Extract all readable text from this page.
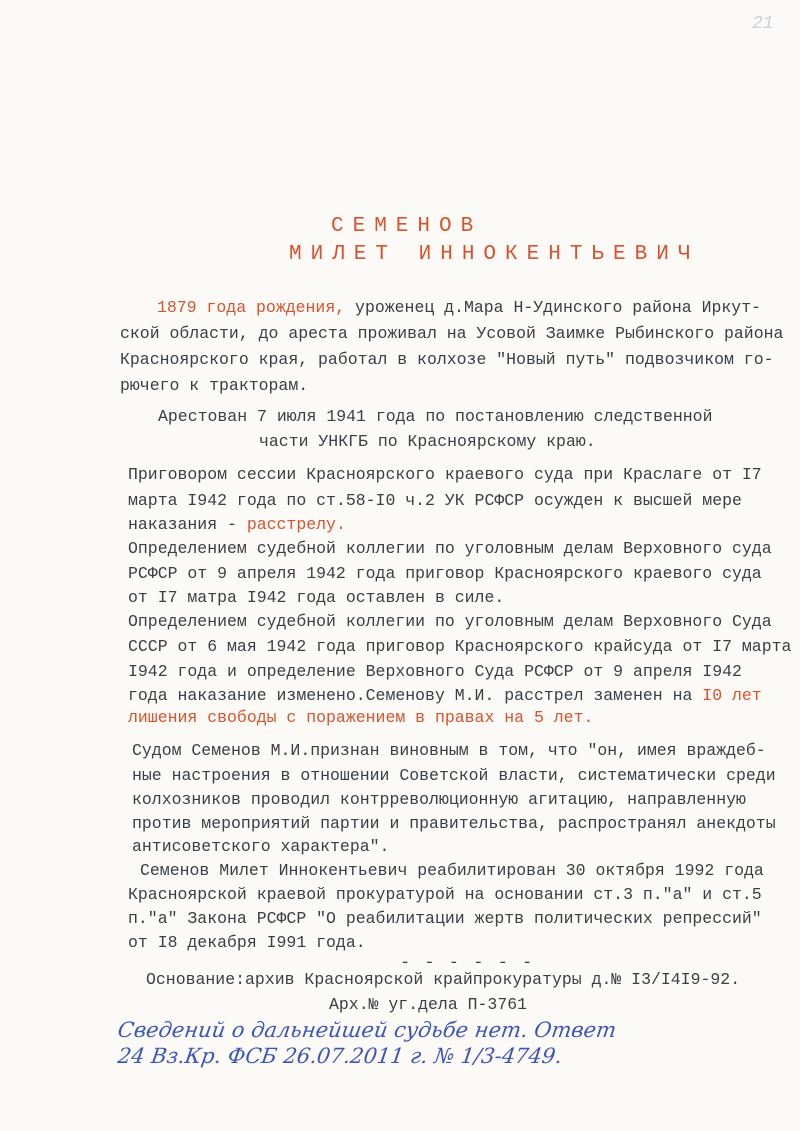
21
СЕМЕНОВ
МИЛЕТ ИННОКЕНТЬЕВИЧ
1879 года рождения, уроженец д.Мара Н-Удинского района Иркут-
ской области, до ареста проживал на Усовой Заимке Рыбинского района
Красноярского края, работал в колхозе "Новый путь" подвозчиком го-
рючего к тракторам.
Арестован 7 июля 1941 года по постановлению следственной
части УНКГБ по Красноярскому краю.
Приговором сессии Красноярского краевого суда при Краслаге от I7
марта I942 года по ст.58-I0 ч.2 УК РСФСР осужден к высшей мере
наказания - расстрелу.
Определением судебной коллегии по уголовным делам Верховного суда
РСФСР от 9 апреля 1942 года приговор Красноярского краевого суда
от I7 матра I942 года оставлен в силе.
Определением судебной коллегии по уголовным делам Верховного Суда
СССР от 6 мая 1942 года приговор Красноярского крайсуда от I7 марта
I942 года и определение Верховного Суда РСФСР от 9 апреля I942
года наказание изменено.Семенову М.И. расстрел заменен на I0 лет
лишения свободы с поражением в правах на 5 лет.
Судом Семенов М.И.признан виновным в том, что "он, имея враждеб-
ные настроения в отношении Советской власти, систематически среди
колхозников проводил контрреволюционную агитацию, направленную
против мероприятий партии и правительства, распространял анекдоты
антисоветского характера".
Семенов Милет Иннокентьевич реабилитирован 30 октября 1992 года
Красноярской краевой прокуратурой на основании ст.3 п."а" и ст.5
п."а" Закона РСФСР "О реабилитации жертв политических репрессий"
от I8 декабря I991 года.
- - - - - -
Основание:архив Красноярской крайпрокуратуры д.№ I3/I4I9-92.
Арх.№ уг.дела П-3761
Сведений о дальнейшей судьбе нет. Ответ
24 Вз.Кр. ФСБ 26.07.2011 г. № 1/3-4749.
